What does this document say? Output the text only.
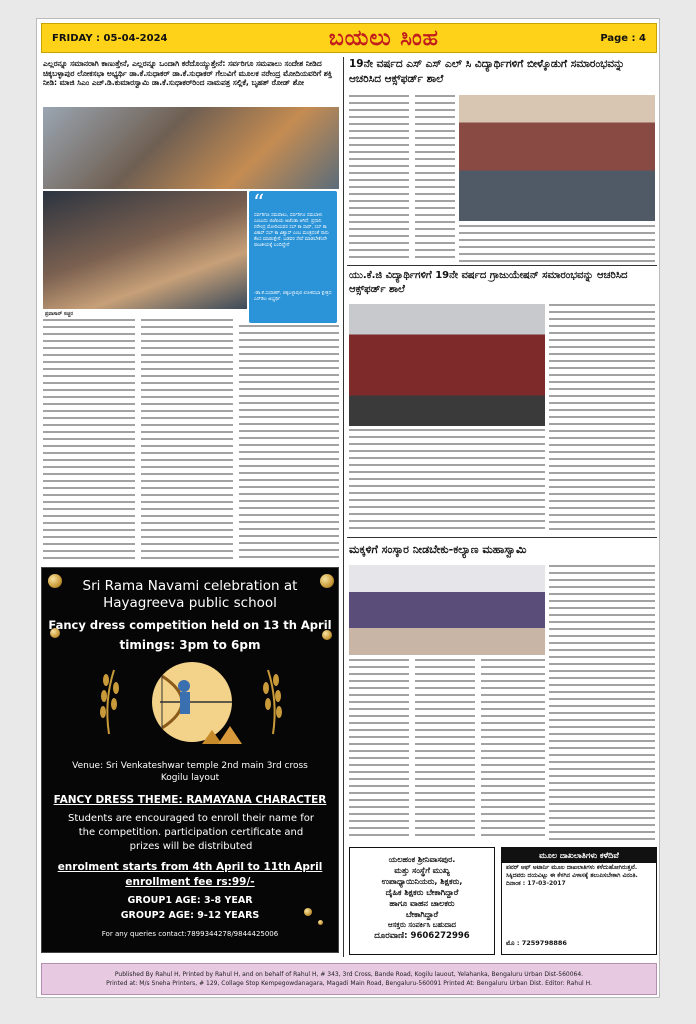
FRIDAY : 05-04-2024	ಬಯಲು ಸಿಂಹ	Page : 4
ಎಲ್ಲರನ್ನೂ ಸಮಾನರಾಗಿ ಕಾಣುತ್ತೇನೆ, ಎಲ್ಲರನ್ನೂ ಒಂದಾಗಿ ಕರೆದೊಯ್ಯುತ್ತೇನೆ: ಸರ್ವರಿಗೂ ಸಮಪಾಲು ಸಂದೇಶ ನೀಡಿದ ಚಿಕ್ಕಬಳ್ಳಾಪುರ ಲೋಕಸಭಾ ಅಭ್ಯರ್ಥಿ ಡಾ.ಕೆ.ಸುಧಾಕರ್ ಡಾ.ಕೆ.ಸುಧಾಕರ್ ಗೆಲುವಿಗೆ ಮೂಲಕ ನರೇಂದ್ರ ಮೋದಿಯವರಿಗೆ ಶಕ್ತಿ ನೀಡಿ: ಮಾಜಿ ಸಿಎಂ ಎಚ್.ಡಿ.ಕುಮಾರಸ್ವಾಮಿ ಡಾ.ಕೆ.ಸುಧಾಕರ್‌ರಿಂದ ನಾಮಪತ್ರ ಸಲ್ಲಿಕೆ, ಬೃಹತ್ ರೋಡ್ ಶೋ
“
ಸರ್ವರಿಗೂ ಸಮಪಾಲು, ಸರ್ವರಿಗೂ ಸಮಬಾಳು ಎಂಬುದು ಬಿಜೆಪಿಯ ಅಜೆಂಡಾ ಆಗಿದೆ. ಪ್ರಧಾನಿ ನರೇಂದ್ರ ಮೋದಿಯವರ ಸಬ್ ಕಾ ಸಾಥ್, ಸಬ್ ಕಾ ವಿಕಾಸ್ ಸಬ್ ಕಾ ವಿಶ್ವಾಸ್ ಎಂಬ ಮಂತ್ರದಂತೆ ನಾನು ಕೆಲಸ ಮಾಡುತ್ತೇನೆ. ಬಡವರ ಸೇವೆ ಮಾಡಬೇಕೆಂದೇ ರಾಜಕೀಯಕ್ಕೆ ಬಂದಿದ್ದೇನೆ
-ಡಾ.ಕೆ.ಸುಧಾಕರ್, ಚಿಕ್ಕಬಳ್ಳಾಪುರ ಲೋಕಸಭಾ ಕ್ಷೇತ್ರದ ಎನ್‌ಡಿಎ ಅಭ್ಯರ್ಥಿ
ಪ್ರವಾಸಾರ್ ಸಚ್ಚರ
19ನೇ ವರ್ಷದ ಎಸ್ ಎಸ್ ಎಲ್ ಸಿ ವಿದ್ಯಾರ್ಥಿಗಳಿಗೆ ಬೀಳ್ಕೊಡುಗೆ ಸಮಾರಂಭವನ್ನು ಆಚರಿಸಿದ ಆಕ್ಸ್‌ಫರ್ಡ್ ಶಾಲೆ
ಯು.ಕೆ.ಜಿ ವಿದ್ಯಾರ್ಥಿಗಳಿಗೆ 19ನೇ ವರ್ಷದ ಗ್ರಾಜುಯೇಷನ್ ಸಮಾರಂಭವನ್ನು ಆಚರಿಸಿದ ಆಕ್ಸ್‌ಫರ್ಡ್ ಶಾಲೆ
ಮಕ್ಕಳಿಗೆ ಸಂಸ್ಕಾರ ನೀಡಬೇಕು-ಕಲ್ಯಾಣ ಮಹಾಸ್ವಾಮಿ
Sri Rama Navami celebration at
Hayagreeva public school
Fancy dress competition held on 13 th April
timings: 3pm to 6pm
Venue: Sri Venkateshwar temple 2nd main 3rd cross
Kogilu layout
FANCY DRESS THEME: RAMAYANA CHARACTER
Students are encouraged to enroll their name for
the competition. participation certificate and
prizes will be distributed
enrolment starts from 4th April to 11th April
enrollment fee rs:99/-
GROUP1 AGE: 3-8 YEAR
GROUP2 AGE: 9-12 YEARS
For any queries contact:7899344278/9844425006
ಯಲಹಂಕ ಶ್ರೀನಿವಾಸಪುರ.
ಮತ್ತು ಸಂಸ್ಥೆಗೆ ಮುಖ್ಯ
ಉಪಾಧ್ಯಾಯಿನಿಯರು, ಶಿಕ್ಷಕರು,
ದೈಹಿಕ ಶಿಕ್ಷಕರು ಬೇಕಾಗಿದ್ದಾರೆ
ಹಾಗೂ ವಾಹನ ಚಾಲಕರು
ಬೇಕಾಗಿದ್ದಾರೆ
ಆಸಕ್ತರು ಸಂಪರ್ಕಿಸಿ ಬಹುದಾದ
ದೂರವಾಣಿ: 9606272996
ಮೂಲ ದಾಖಲಾತಿಗಳು ಕಳೆದಿವೆ
ಪವರ್ ಆಫ್ ಅಟಾರ್ನಿ ಮೂಲ ದಾಖಲಾತಿಗಳು ಕಳೆದುಹೋಗಿರುತ್ತವೆ. ಸಿಕ್ಕಿದವರು ದಯವಿಟ್ಟು ಈ ಕೆಳಗಿನ ವಿಳಾಸಕ್ಕೆ ತಲುಪಿಸಬೇಕಾಗಿ ವಿನಂತಿ. ದಿನಾಂಕ : 17-03-2017
ಮೊ : 7259798886
Published By Rahul H, Printed by Rahul H, and on behalf of Rahul H, # 343, 3rd Cross, Bande Road, Kogilu lauout, Yelahanka, Bengaluru Urban Dist-560064.
Printed at: M/s Sneha Printers, # 129, Collage Stop Kempegowdanagara, Magadi Main Road, Bengaluru-560091 Printed At: Bengaluru Urban Dist. Editor: Rahul H.
